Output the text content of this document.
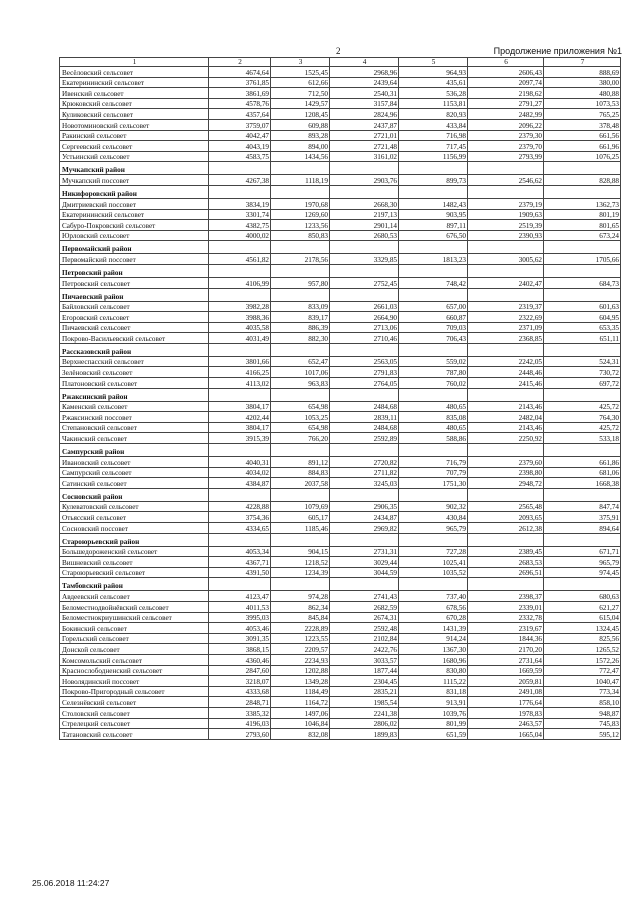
2	Продолжение приложения №1
1	2	3	4	5	6	7
Весёловский сельсовет	4674,64	1525,45	2968,96	964,93	2606,43	888,69
Екатерининский сельсовет	3761,85	612,66	2439,64	435,61	2097,74	380,00
Ивенский сельсовет	3861,69	712,50	2540,31	536,28	2198,62	480,88
Крюковский сельсовет	4578,76	1429,57	3157,84	1153,81	2791,27	1073,53
Куликовский сельсовет	4357,64	1208,45	2824,96	820,93	2482,99	765,25
Новотоминовский сельсовет	3759,07	609,88	2437,87	433,84	2096,22	378,48
Ракинский сельсовет	4042,47	893,28	2721,01	716,98	2379,30	661,56
Сергеевский сельсовет	4043,19	894,00	2721,48	717,45	2379,70	661,96
Устьинский сельсовет	4583,75	1434,56	3161,02	1156,99	2793,99	1076,25
Мучкапский район						
Мучкапский поссовет	4267,38	1118,19	2903,76	899,73	2546,62	828,88
Никифоровский район						
Дмитриевский поссовет	3834,19	1970,68	2668,30	1482,43	2379,19	1362,73
Екатерининский сельсовет	3301,74	1269,60	2197,13	903,95	1909,63	801,19
Сабуро-Покровский сельсовет	4382,75	1233,56	2901,14	897,11	2519,39	801,65
Юрловский сельсовет	4000,02	850,83	2680,53	676,50	2390,93	673,24
Первомайский район						
Первомайский поссовет	4561,82	2178,56	3329,85	1813,23	3005,62	1705,66
Петровский район						
Петровский сельсовет	4106,99	957,80	2752,45	748,42	2402,47	684,73
Пичаевский район						
Байловский сельсовет	3982,28	833,09	2661,03	657,00	2319,37	601,63
Егоровский сельсовет	3988,36	839,17	2664,90	660,87	2322,69	604,95
Пичаевский сельсовет	4035,58	886,39	2713,06	709,03	2371,09	653,35
Покрово-Васильевский сельсовет	4031,49	882,30	2710,46	706,43	2368,85	651,11
Рассказовский район						
Верхнеспасский сельсовет	3801,66	652,47	2563,05	559,02	2242,05	524,31
Зелёновский сельсовет	4166,25	1017,06	2791,83	787,80	2448,46	730,72
Платоновский сельсовет	4113,02	963,83	2764,05	760,02	2415,46	697,72
Ржаксинский район						
Каменский сельсовет	3804,17	654,98	2484,68	480,65	2143,46	425,72
Ржаксинский поссовет	4202,44	1053,25	2839,11	835,08	2482,04	764,30
Степановский сельсовет	3804,17	654,98	2484,68	480,65	2143,46	425,72
Чакинский сельсовет	3915,39	766,20	2592,89	588,86	2250,92	533,18
Сампурский район						
Ивановский сельсовет	4040,31	891,12	2720,82	716,79	2379,60	661,86
Сампурский сельсовет	4034,02	884,83	2711,82	707,79	2398,80	681,06
Сатинский сельсовет	4384,87	2037,58	3245,03	1751,30	2948,72	1668,38
Сосновский район						
Кулеватовский сельсовет	4228,88	1079,69	2906,35	902,32	2565,48	847,74
Отьясский сельсовет	3754,36	605,17	2434,87	430,84	2093,65	375,91
Сосновский поссовет	4334,65	1185,46	2969,82	965,79	2612,38	894,64
Староюрьевский район						
Большедороженский сельсовет	4053,34	904,15	2731,31	727,28	2389,45	671,71
Вишневский сельсовет	4367,71	1218,52	3029,44	1025,41	2683,53	965,79
Староюрьевский сельсовет	4391,50	1234,39	3044,59	1035,52	2696,51	974,45
Тамбовский район						
Авдеевский сельсовет	4123,47	974,28	2741,43	737,40	2398,37	680,63
Беломестнодвойнёвский сельсовет	4011,53	862,34	2682,59	678,56	2339,01	621,27
Беломестнокриушинский сельсовет	3995,03	845,84	2674,31	670,28	2332,78	615,04
Бокинский сельсовет	4053,46	2228,89	2592,48	1431,39	2319,67	1324,45
Горельский сельсовет	3091,35	1223,55	2102,84	914,24	1844,36	825,56
Донской сельсовет	3868,15	2209,57	2422,76	1367,30	2170,20	1265,52
Комсомольский сельсовет	4360,46	2234,93	3033,57	1680,96	2731,64	1572,26
Краснослободненский сельсовет	2847,60	1202,88	1877,44	830,80	1669,59	772,47
Новолядинский поссовет	3218,07	1349,28	2304,45	1115,22	2059,81	1040,47
Покрово-Пригородный сельсовет	4333,68	1184,49	2835,21	831,18	2491,08	773,34
Селезнёвский сельсовет	2848,71	1164,72	1985,54	913,91	1776,64	858,10
Столовский сельсовет	3385,32	1497,06	2241,38	1039,76	1978,83	948,87
Стрелецкий сельсовет	4196,03	1046,84	2806,02	801,99	2463,57	745,83
Татановский сельсовет	2793,60	832,08	1899,83	651,59	1665,04	595,12
25.06.2018 11:24:27
